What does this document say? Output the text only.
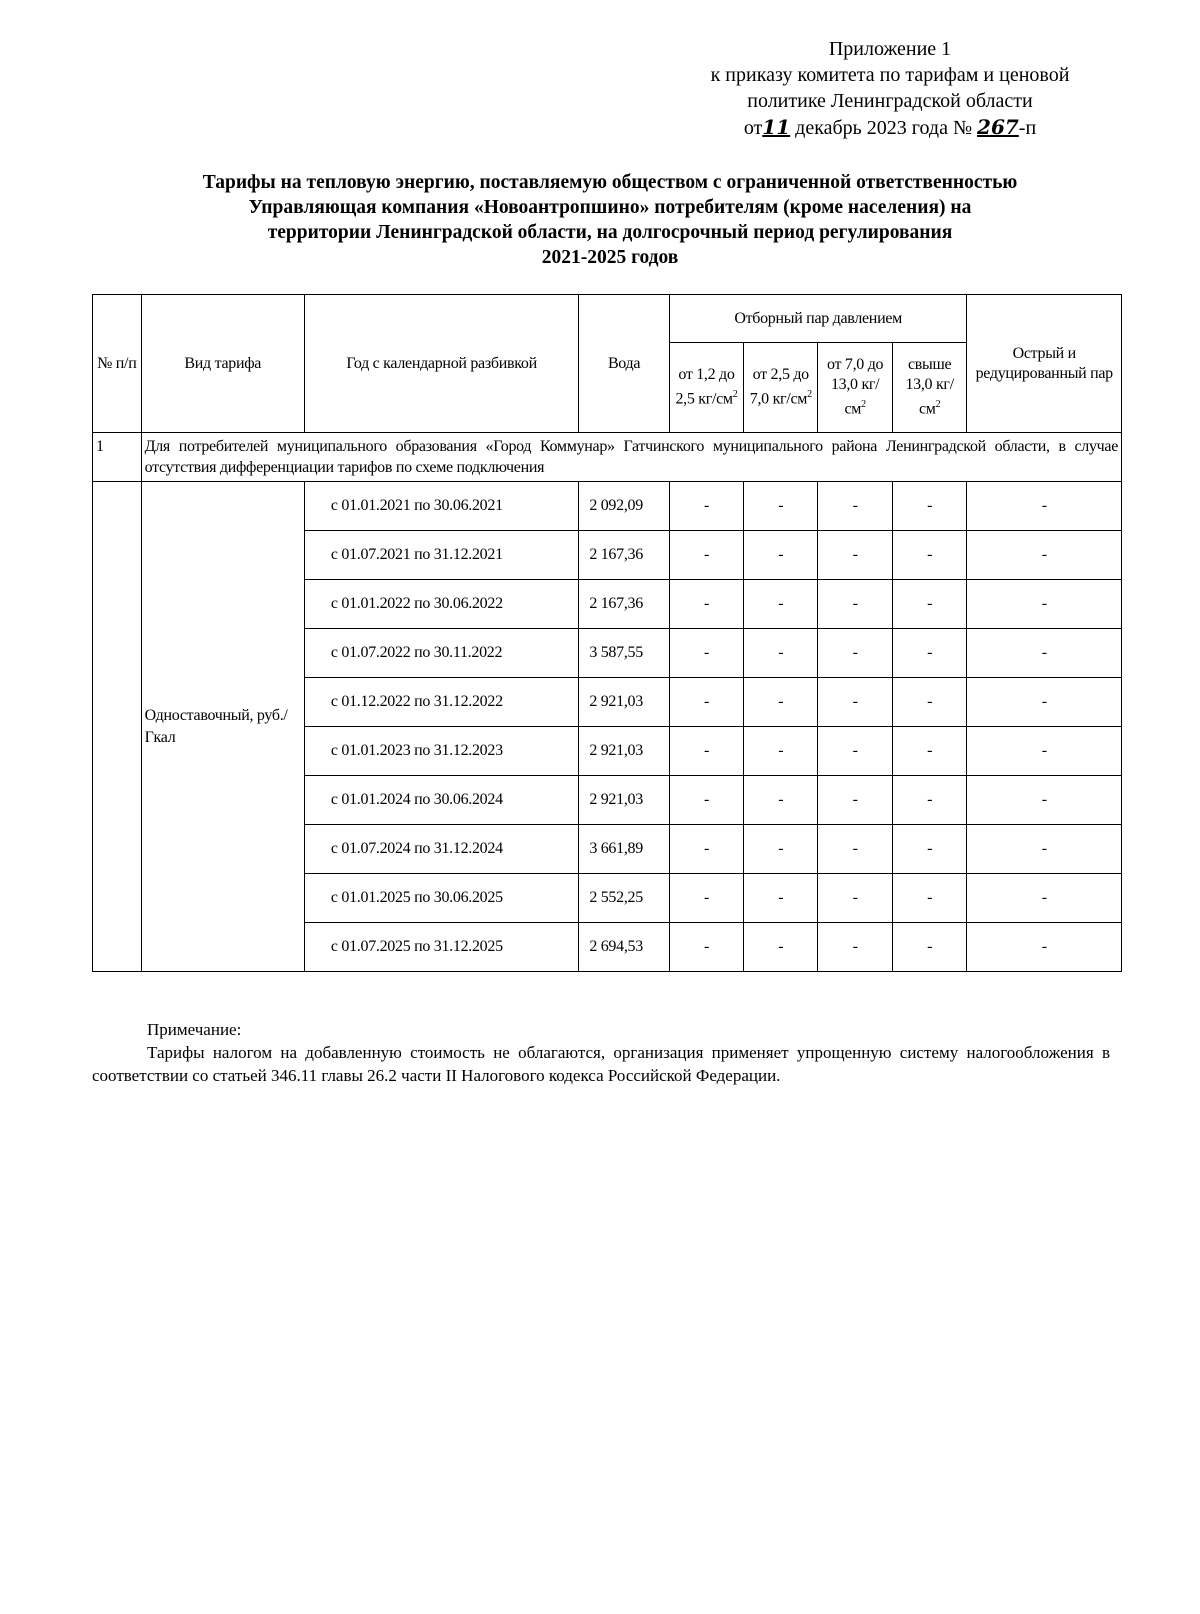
Приложение 1
к приказу комитета по тарифам и ценовой
политике Ленинградской области
от11 декабрь 2023 года № 267-п
Тарифы на тепловую энергию, поставляемую обществом с ограниченной ответственностью
Управляющая компания «Новоантропшино» потребителям (кроме населения) на
территории Ленинградской области, на долгосрочный период регулирования
2021-2025 годов
№ п/п	Вид тарифа	Год с календарной разбивкой	Вода	Отборный пар давлением				Острый и редуцированный пар
				от 1,2 до 2,5 $кг/см^2$	от 2,5 до 7,0 $кг/см^2$	от 7,0 до 13,0 $кг/см^2$	свыше 13,0 $кг/см^2$
1	Для потребителей муниципального образования «Город Коммунар» Гатчинского муниципального района Ленинградской области, в случае отсутствия дифференциации тарифов по схеме подключения							
	Одноставочный, руб./Гкал	с 01.01.2021 по 30.06.2021	2 092,09	-	-	-	-	-
		с 01.07.2021 по 31.12.2021	2 167,36	-	-	-	-	-
		с 01.01.2022 по 30.06.2022	2 167,36	-	-	-	-	-
		с 01.07.2022 по 30.11.2022	3 587,55	-	-	-	-	-
		с 01.12.2022 по 31.12.2022	2 921,03	-	-	-	-	-
		с 01.01.2023 по 31.12.2023	2 921,03	-	-	-	-	-
		с 01.01.2024 по 30.06.2024	2 921,03	-	-	-	-	-
		с 01.07.2024 по 31.12.2024	3 661,89	-	-	-	-	-
		с 01.01.2025 по 30.06.2025	2 552,25	-	-	-	-	-
		с 01.07.2025 по 31.12.2025	2 694,53	-	-	-	-	-
Примечание:
Тарифы налогом на добавленную стоимость не облагаются, организация применяет упрощенную систему налогообложения в соответствии со статьей 346.11 главы 26.2 части II Налогового кодекса Российской Федерации.
